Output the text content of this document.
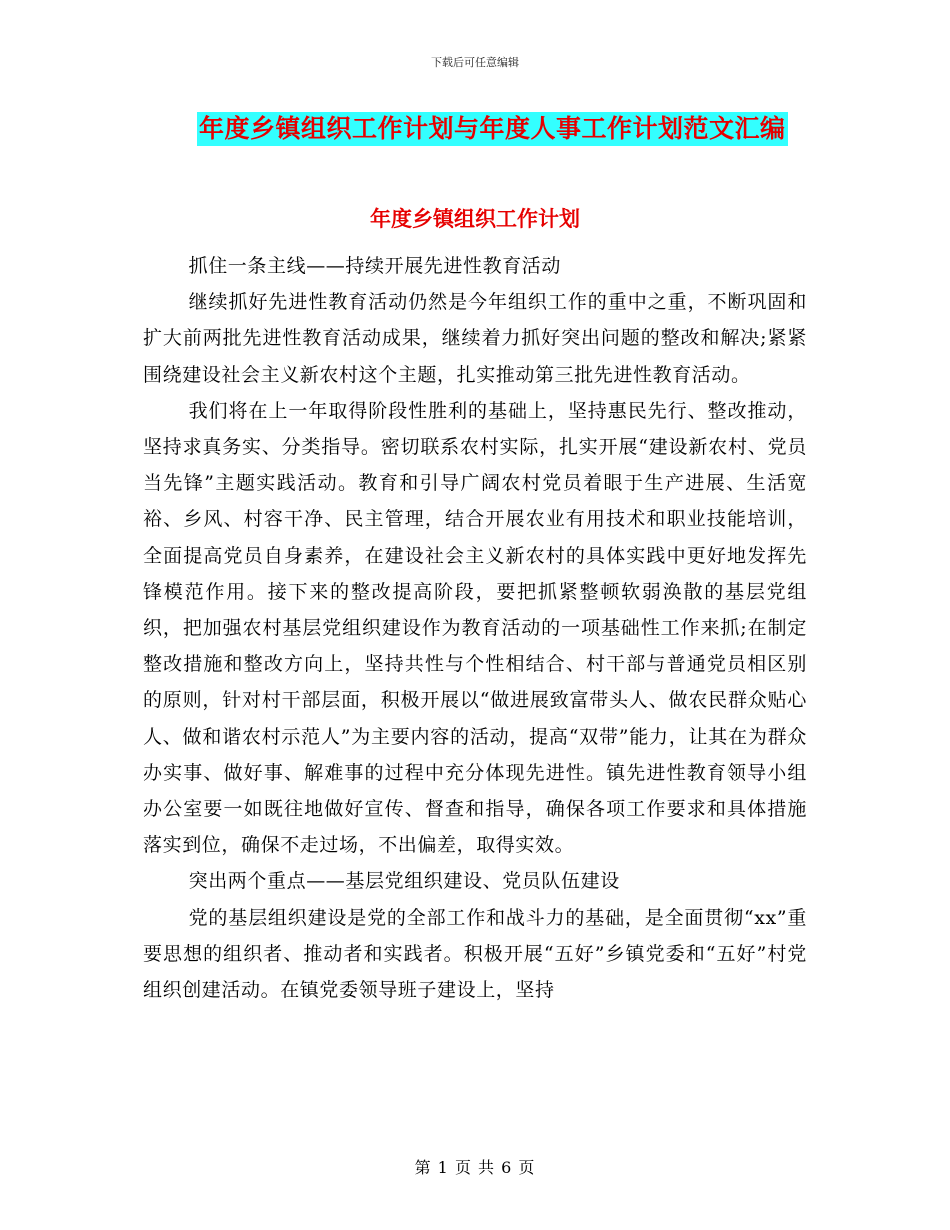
下载后可任意编辑
年度乡镇组织工作计划与年度人事工作计划范文汇编
年度乡镇组织工作计划

抓住一条主线——持续开展先进性教育活动

继续抓好先进性教育活动仍然是今年组织工作的重中之重，不断巩固和扩大前两批先进性教育活动成果，继续着力抓好突出问题的整改和解决;紧紧围绕建设社会主义新农村这个主题，扎实推动第三批先进性教育活动。

我们将在上一年取得阶段性胜利的基础上，坚持惠民先行、整改推动，坚持求真务实、分类指导。密切联系农村实际，扎实开展“建设新农村、党员当先锋”主题实践活动。教育和引导广阔农村党员着眼于生产进展、生活宽裕、乡风、村容干净、民主管理，结合开展农业有用技术和职业技能培训，全面提高党员自身素养，在建设社会主义新农村的具体实践中更好地发挥先锋模范作用。接下来的整改提高阶段，要把抓紧整顿软弱涣散的基层党组织，把加强农村基层党组织建设作为教育活动的一项基础性工作来抓;在制定整改措施和整改方向上，坚持共性与个性相结合、村干部与普通党员相区别的原则，针对村干部层面，积极开展以“做进展致富带头人、做农民群众贴心人、做和谐农村示范人”为主要内容的活动，提高“双带”能力，让其在为群众办实事、做好事、解难事的过程中充分体现先进性。镇先进性教育领导小组办公室要一如既往地做好宣传、督查和指导，确保各项工作要求和具体措施落实到位，确保不走过场，不出偏差，取得实效。

突出两个重点——基层党组织建设、党员队伍建设

党的基层组织建设是党的全部工作和战斗力的基础，是全面贯彻“xx”重要思想的组织者、推动者和实践者。积极开展“五好”乡镇党委和“五好”村党组织创建活动。在镇党委领导班子建设上，坚持

第 1 页 共 6 页
